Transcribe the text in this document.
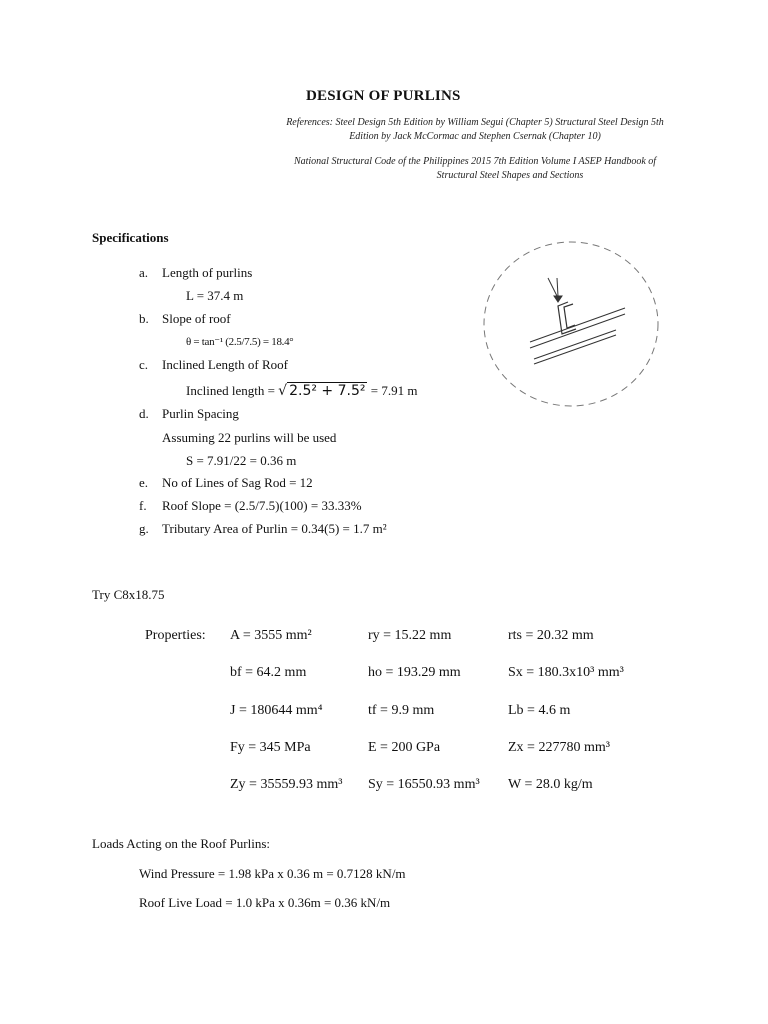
DESIGN OF PURLINS
References: Steel Design 5th Edition by William Segui (Chapter 5) Structural Steel Design 5th
Edition by Jack McCormac and Stephen Csernak (Chapter 10)
National Structural Code of the Philippines 2015 7th Edition Volume I ASEP Handbook of
Structural Steel Shapes and Sections
Specifications
a. Length of purlins
L = 37.4 m
b. Slope of roof
θ = tan⁻¹ (2.5/7.5) = 18.4°
c. Inclined Length of Roof
Inclined length = √ 2.5² + 7.5² = 7.91 m
d. Purlin Spacing
Assuming 22 purlins will be used
S = 7.91/22 = 0.36 m
e. No of Lines of Sag Rod = 12
f. Roof Slope = (2.5/7.5)(100) = 33.33%
g. Tributary Area of Purlin = 0.34(5) = 1.7 m²
Try C8x18.75
Properties: A = 3555 mm²	ry = 15.22 mm	rts = 20.32 mm
bf = 64.2 mm	ho = 193.29 mm	Sx = 180.3x10³ mm³
J = 180644 mm⁴	tf = 9.9 mm	Lb = 4.6 m
Fy = 345 MPa	E = 200 GPa	Zx = 227780 mm³
Zy = 35559.93 mm³ Sy = 16550.93 mm³ W = 28.0 kg/m
Loads Acting on the Roof Purlins:
Wind Pressure = 1.98 kPa x 0.36 m = 0.7128 kN/m
Roof Live Load = 1.0 kPa x 0.36m = 0.36 kN/m
